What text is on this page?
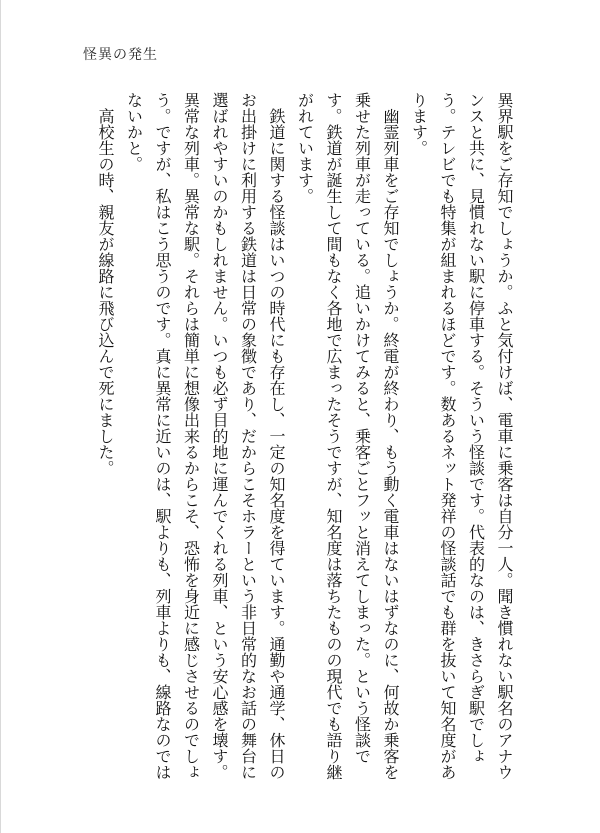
怪異の発生

異界駅をご存知でしょうか。ふと気付けば、電車に乗客は自分一人。聞き慣れない駅名のアナウンスと共に、見慣れない駅に停車する。そういう怪談です。代表的なのは、きさらぎ駅でしょう。テレビでも特集が組まれるほどです。数あるネット発祥の怪談話でも群を抜いて知名度があります。

幽霊列車をご存知でしょうか。終電が終わり、もう動く電車はないはずなのに、何故か乗客を乗せた列車が走っている。追いかけてみると、乗客ごとフッと消えてしまった。という怪談です。鉄道が誕生して間もなく各地で広まったそうですが、知名度は落ちたものの現代でも語り継がれています。

鉄道に関する怪談はいつの時代にも存在し、一定の知名度を得ています。通勤や通学、休日のお出掛けに利用する鉄道は日常の象徴であり、だからこそホラーという非日常的なお話の舞台に選ばれやすいのかもしれません。いつも必ず目的地に運んでくれる列車、という安心感を壊す。異常な列車。異常な駅。それらは簡単に想像出来るからこそ、恐怖を身近に感じさせるのでしょう。ですが、私はこう思うのです。真に異常に近いのは、駅よりも、列車よりも、線路なのではないかと。

高校生の時、親友が線路に飛び込んで死にました。
